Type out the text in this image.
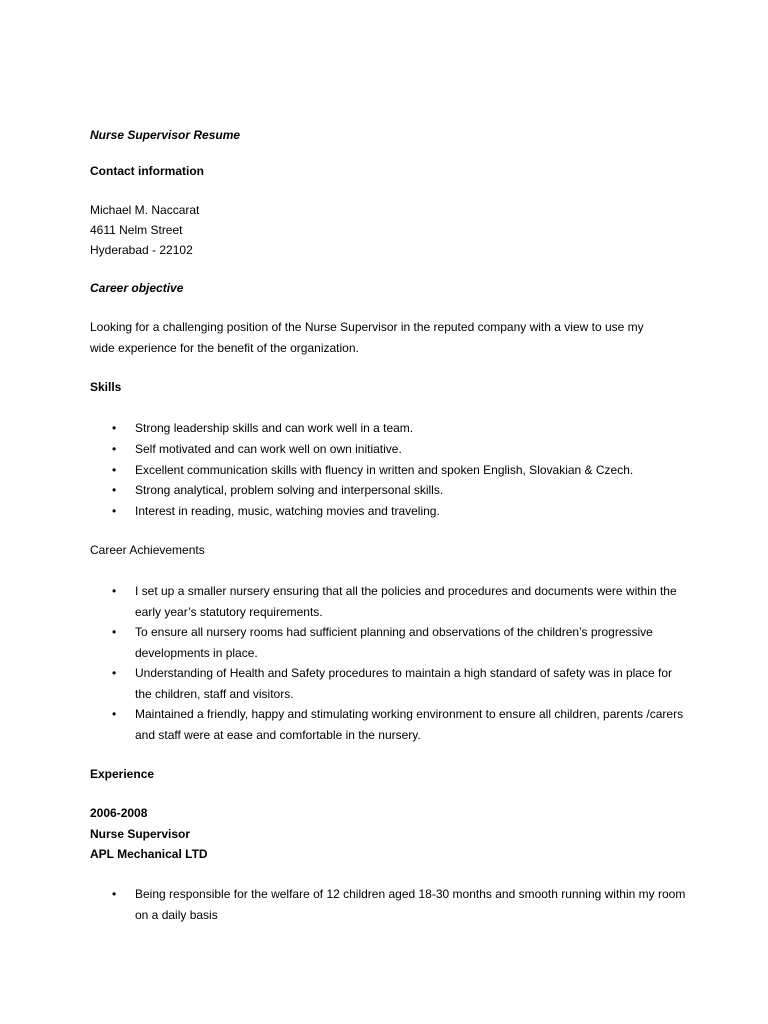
Nurse Supervisor Resume
Contact information
Michael M. Naccarat
4611 Nelm Street
Hyderabad - 22102
Career objective
Looking for a challenging position of the Nurse Supervisor in the reputed company with a view to use my
wide experience for the benefit of the organization.
Skills
• Strong leadership skills and can work well in a team.
• Self motivated and can work well on own initiative.
• Excellent communication skills with fluency in written and spoken English, Slovakian & Czech.
• Strong analytical, problem solving and interpersonal skills.
• Interest in reading, music, watching movies and traveling.
Career Achievements
• I set up a smaller nursery ensuring that all the policies and procedures and documents were within the early year’s statutory requirements.
• To ensure all nursery rooms had sufficient planning and observations of the children’s progressive developments in place.
• Understanding of Health and Safety procedures to maintain a high standard of safety was in place for the children, staff and visitors.
• Maintained a friendly, happy and stimulating working environment to ensure all children, parents /carers and staff were at ease and comfortable in the nursery.
Experience
2006-2008
Nurse Supervisor
APL Mechanical LTD
• Being responsible for the welfare of 12 children aged 18-30 months and smooth running within my room on a daily basis
